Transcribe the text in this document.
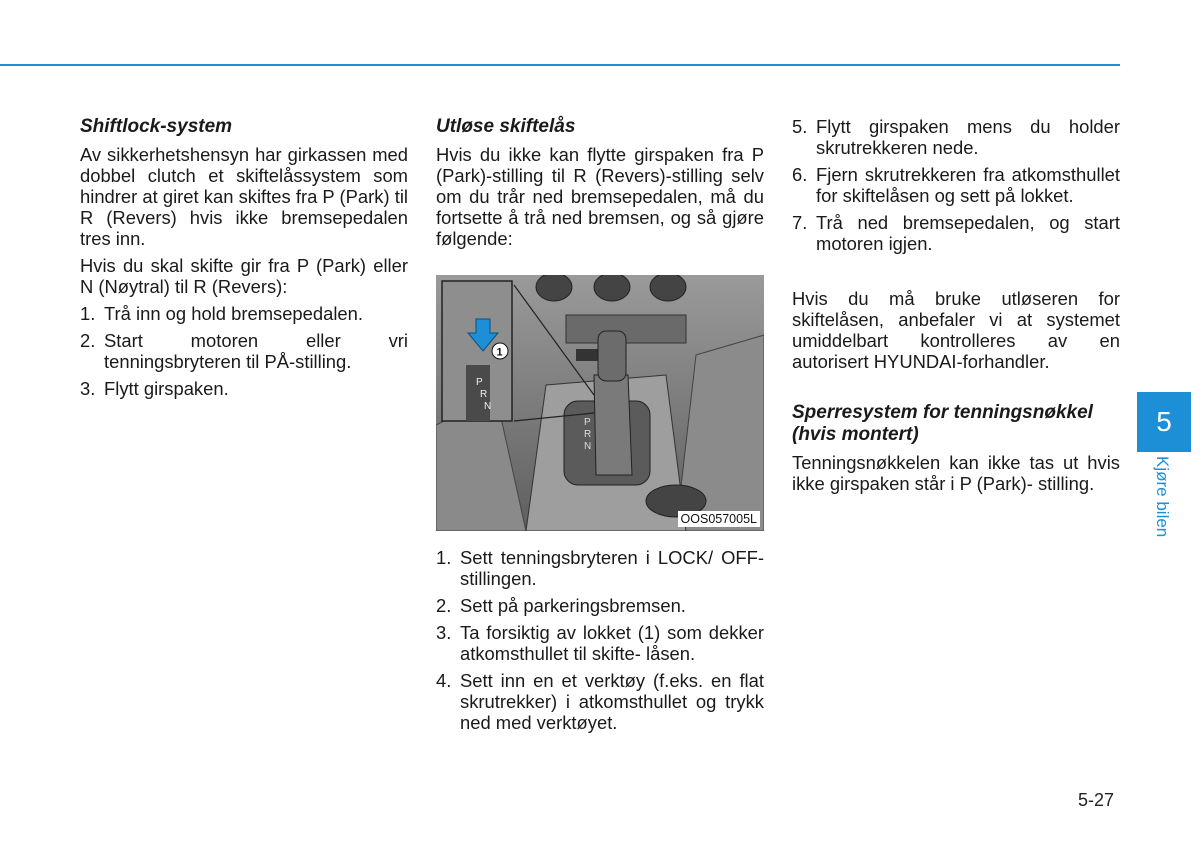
Shiftlock-system

Av sikkerhetshensyn har girkassen med dobbel clutch et skiftelåssystem som hindrer at giret kan skiftes fra P (Park) til R (Revers) hvis ikke bremsepedalen tres inn.

Hvis du skal skifte gir fra P (Park) eller N (Nøytral) til R (Revers):

1. Trå inn og hold bremsepedalen.
2. Start motoren eller vri tenningsbryteren til PÅ-stilling.
3. Flytt girspaken.
Utløse skiftelås

Hvis du ikke kan flytte girspaken fra P (Park)-stilling til R (Revers)-stilling selv om du trår ned bremsepedalen, må du fortsette å trå ned bremsen, og så gjøre følgende:

P
R
N
P
R
N
1
OOS057005L
1. Sett tenningsbryteren i LOCK/ OFF-stillingen.
2. Sett på parkeringsbremsen.
3. Ta forsiktig av lokket (1) som dekker atkomsthullet til skifte- låsen.
4. Sett inn en et verktøy (f.eks. en flat skrutrekker) i atkomsthullet og trykk ned med verktøyet.
5. Flytt girspaken mens du holder skrutrekkeren nede.
6. Fjern skrutrekkeren fra atkomsthullet for skiftelåsen og sett på lokket.
7. Trå ned bremsepedalen, og start motoren igjen.

Hvis du må bruke utløseren for skiftelåsen, anbefaler vi at systemet umiddelbart kontrolleres av en autorisert HYUNDAI-forhandler.

Sperresystem for tenningsnøkkel (hvis montert)

Tenningsnøkkelen kan ikke tas ut hvis ikke girspaken står i P (Park)- stilling.

5
Kjøre bilen
5-27
